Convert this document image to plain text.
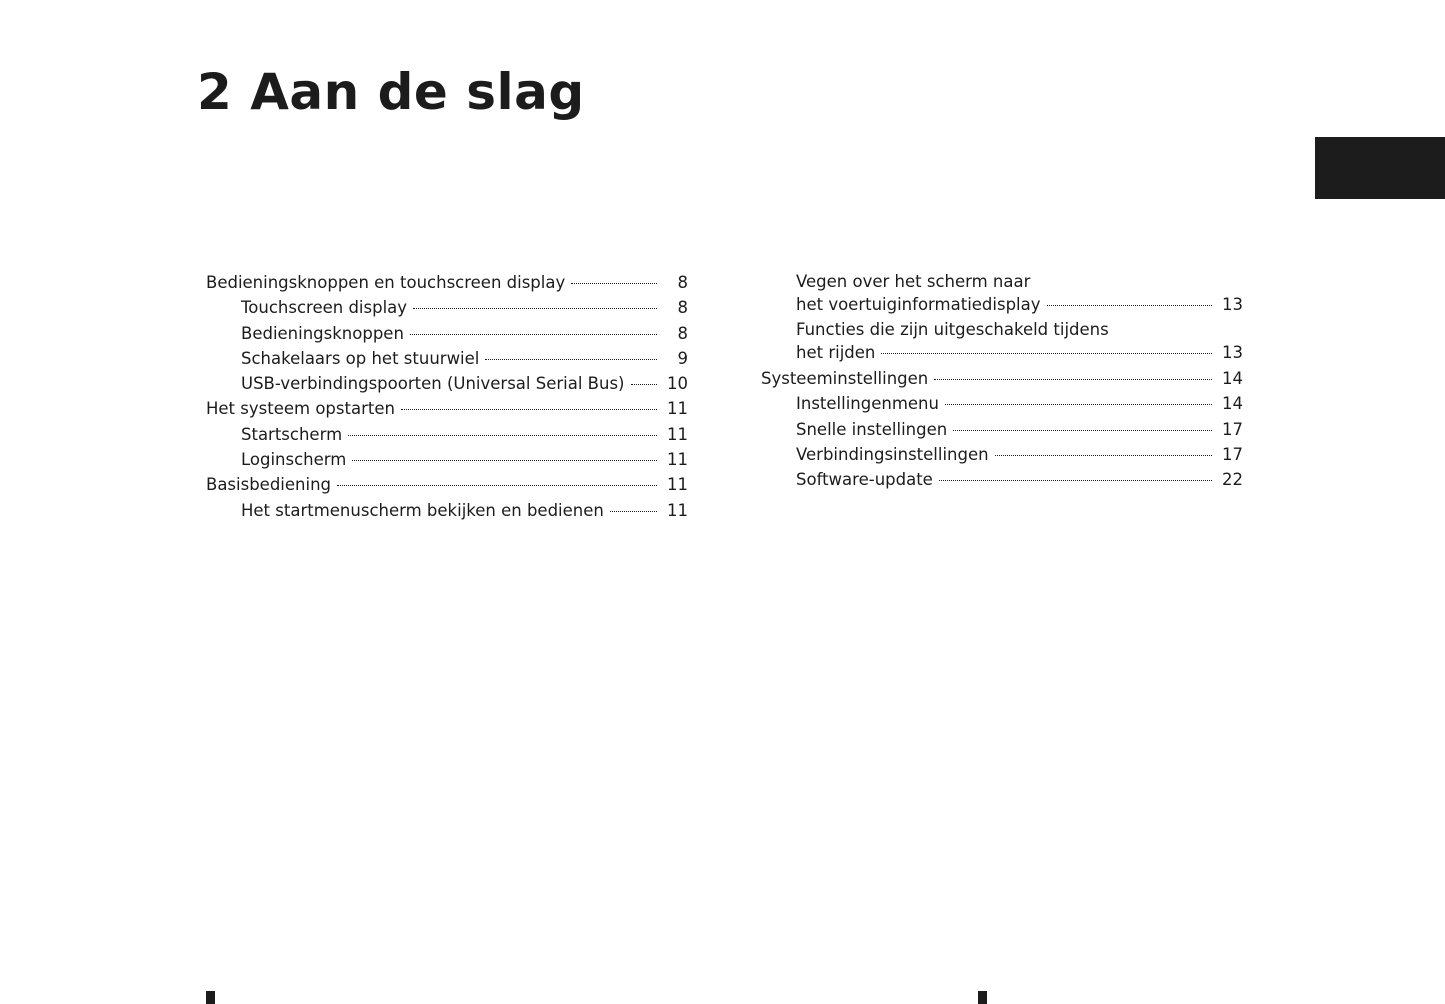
2 Aan de slag
Bedieningsknoppen en touchscreen display	8
Touchscreen display	8
Bedieningsknoppen	8
Schakelaars op het stuurwiel	9
USB-verbindingspoorten (Universal Serial Bus)	10
Het systeem opstarten	11
Startscherm	11
Loginscherm	11
Basisbediening	11
Het startmenuscherm bekijken en bedienen	11
Vegen over het scherm naar
het voertuiginformatiedisplay	13
Functies die zijn uitgeschakeld tijdens
het rijden	13
Systeeminstellingen	14
Instellingenmenu	14
Snelle instellingen	17
Verbindingsinstellingen	17
Software-update	22
